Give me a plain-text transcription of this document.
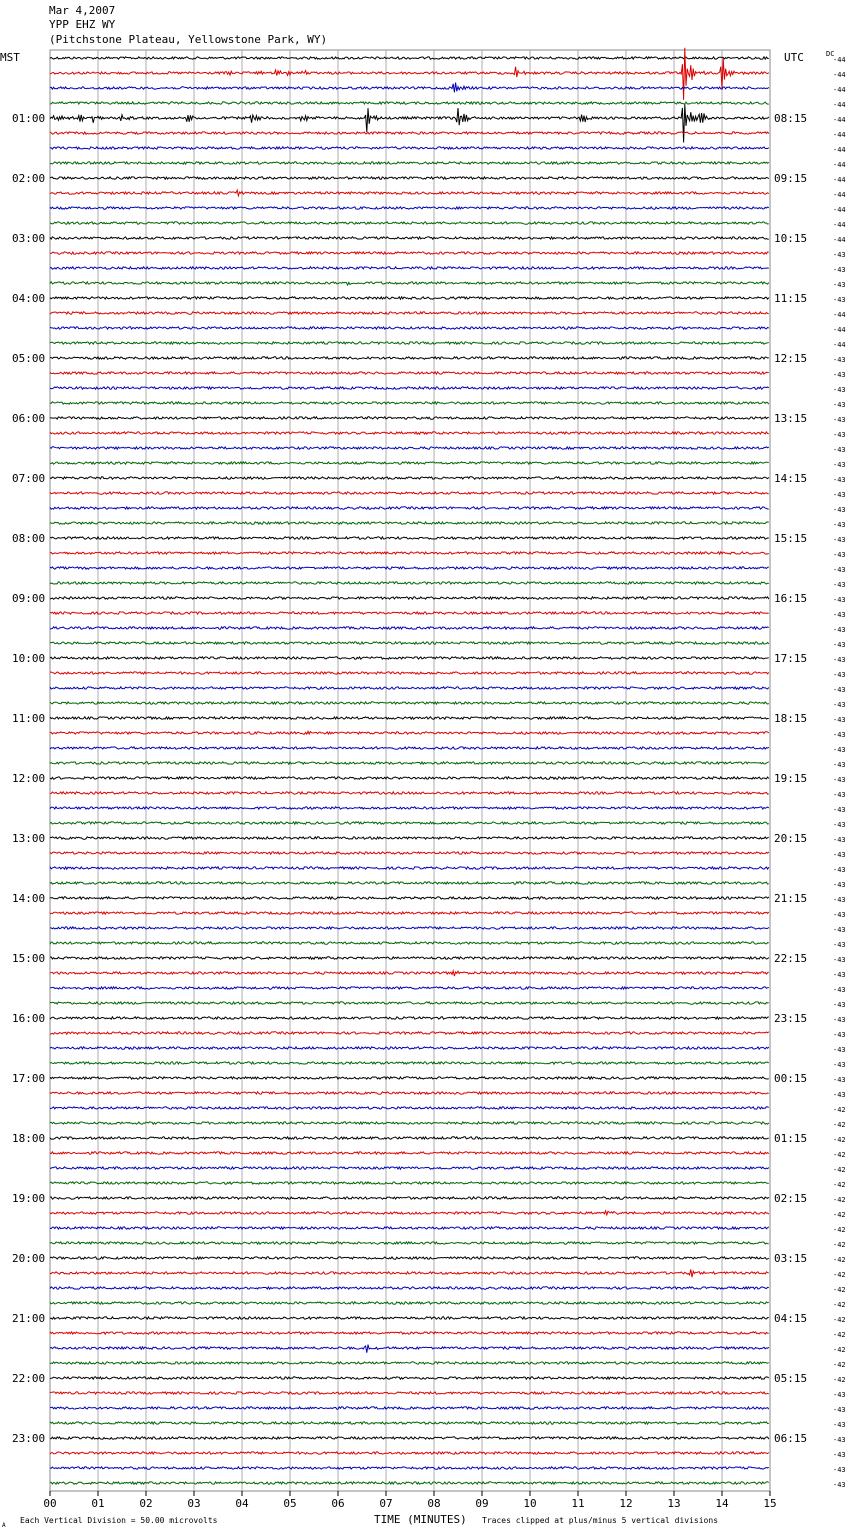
Mar 4,2007
YPP EHZ WY
(Pitchstone Plateau, Yellowstone Park, WY)
-44
-44
-44
-44
-44
-44
-44
-44
-44
-44
-44
-44
-44
-43
-43
-43
-43
-44
-44
-44
-43
-43
-43
-43
-43
-43
-43
-43
-43
-43
-43
-43
-43
-43
-43
-43
-43
-43
-43
-43
-43
-43
-43
-43
-43
-43
-43
-43
-43
-43
-43
-43
-43
-43
-43
-43
-43
-43
-43
-43
-43
-43
-43
-43
-43
-43
-43
-43
-43
-43
-42
-42
-42
-42
-42
-42
-42
-42
-42
-42
-42
-42
-42
-42
-42
-42
-42
-42
-42
-43
-43
-43
-43
-43
-43
-43
MST	UTC	DC
01:00
02:00
03:00
04:00
05:00
06:00
07:00
08:00
09:00
10:00
11:00
12:00
13:00
14:00
15:00
16:00
17:00
18:00
19:00
20:00
21:00
22:00
23:00
08:15
09:15
10:15
11:15
12:15
13:15
14:15
15:15
16:15
17:15
18:15
19:15
20:15
21:15
22:15
23:15
00:15
01:15
02:15
03:15
04:15
05:15
06:15
00	01	02	03	04	05	06	07	08	09	10	11	12	13	14	15
Each Vertical Division = 50.00 microvolts	TIME (MINUTES) Traces clipped at plus/minus 5 vertical divisions
A
